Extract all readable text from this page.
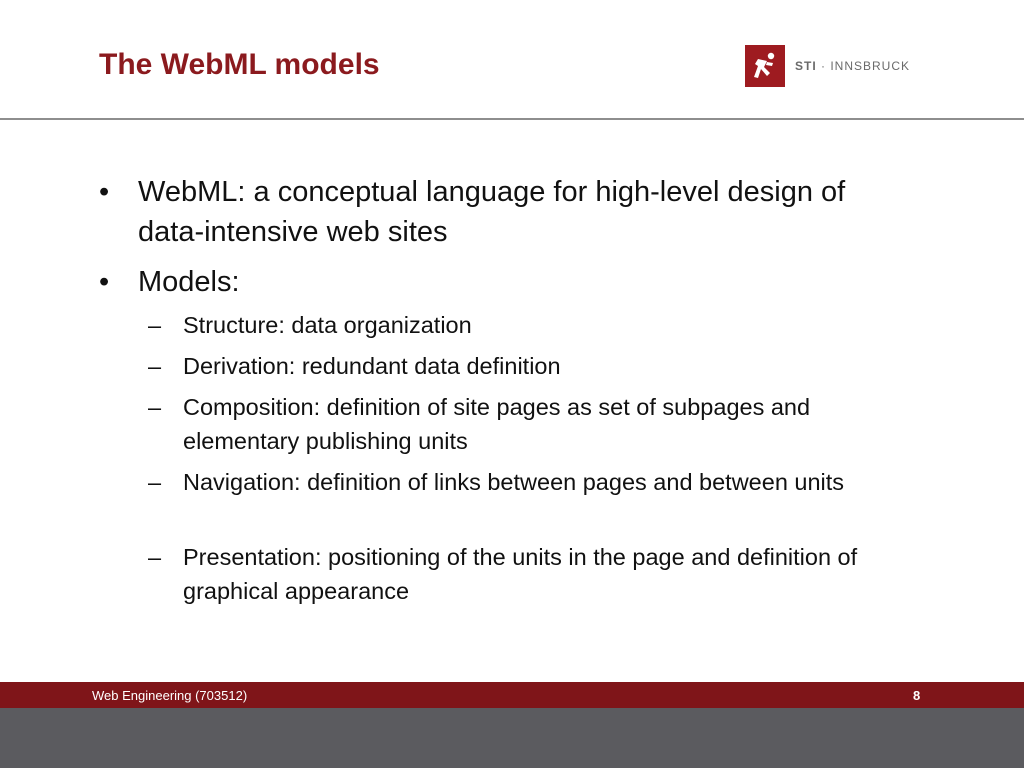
The WebML models	STI · INNSBRUCK
• WebML: a conceptual language for high-level design of data-intensive web sites
• Models:
– Structure: data organization
– Derivation: redundant data definition
– Composition: definition of site pages as set of subpages and elementary publishing units
– Navigation: definition of links between pages and between units
– Presentation: positioning of the units in the page and definition of graphical appearance
Web Engineering (703512)	8
